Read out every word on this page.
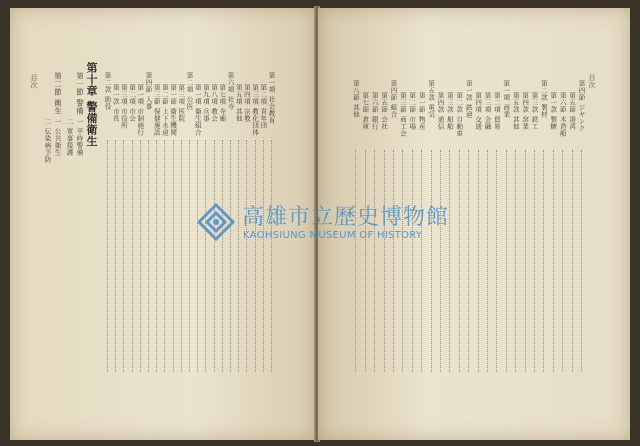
高雄市立歷史博物館
KAOHSIUNG MUSEUM OF HISTORY
目次	第十章 警備衛生
第一節 警備
一 平時警備
二 軍事援護
第二節 衛生
一 公共衛生
二 伝染病予防
第一項 社会教育
第二項 青年団
第三項 教化団体
第四項 宗教
第五項 其他
第六項 社寺
第七項 寺廟
第八項 教会
第九項 兵事
第一項 衛生組合
第二項 公医
第三項 医院
第一節 衛生機関
第二節 上下水道
第三節 保健施設
第四節 人事
第一項 市制施行
第二項 市会
第三項 市役所
第一款 市長
第二款 助役	目次
第四節 ジヤンク
第五節 港湾
第六節 木造船
第一款 製糖
第二款 製材
第三款 鉄工
第四款 窯業
第五款 其他
第一項 商業
第二項 貿易
第三項 金融
第四項 交通
第一款 鉄道
第二款 自動車
第三款 船舶
第四款 通信
第五款 電気
第一節 物産
第二節 市場
第三節 商工会
第四節 組合
第五節 会社
第六節 銀行
第七節 倉庫
第八節 其他
